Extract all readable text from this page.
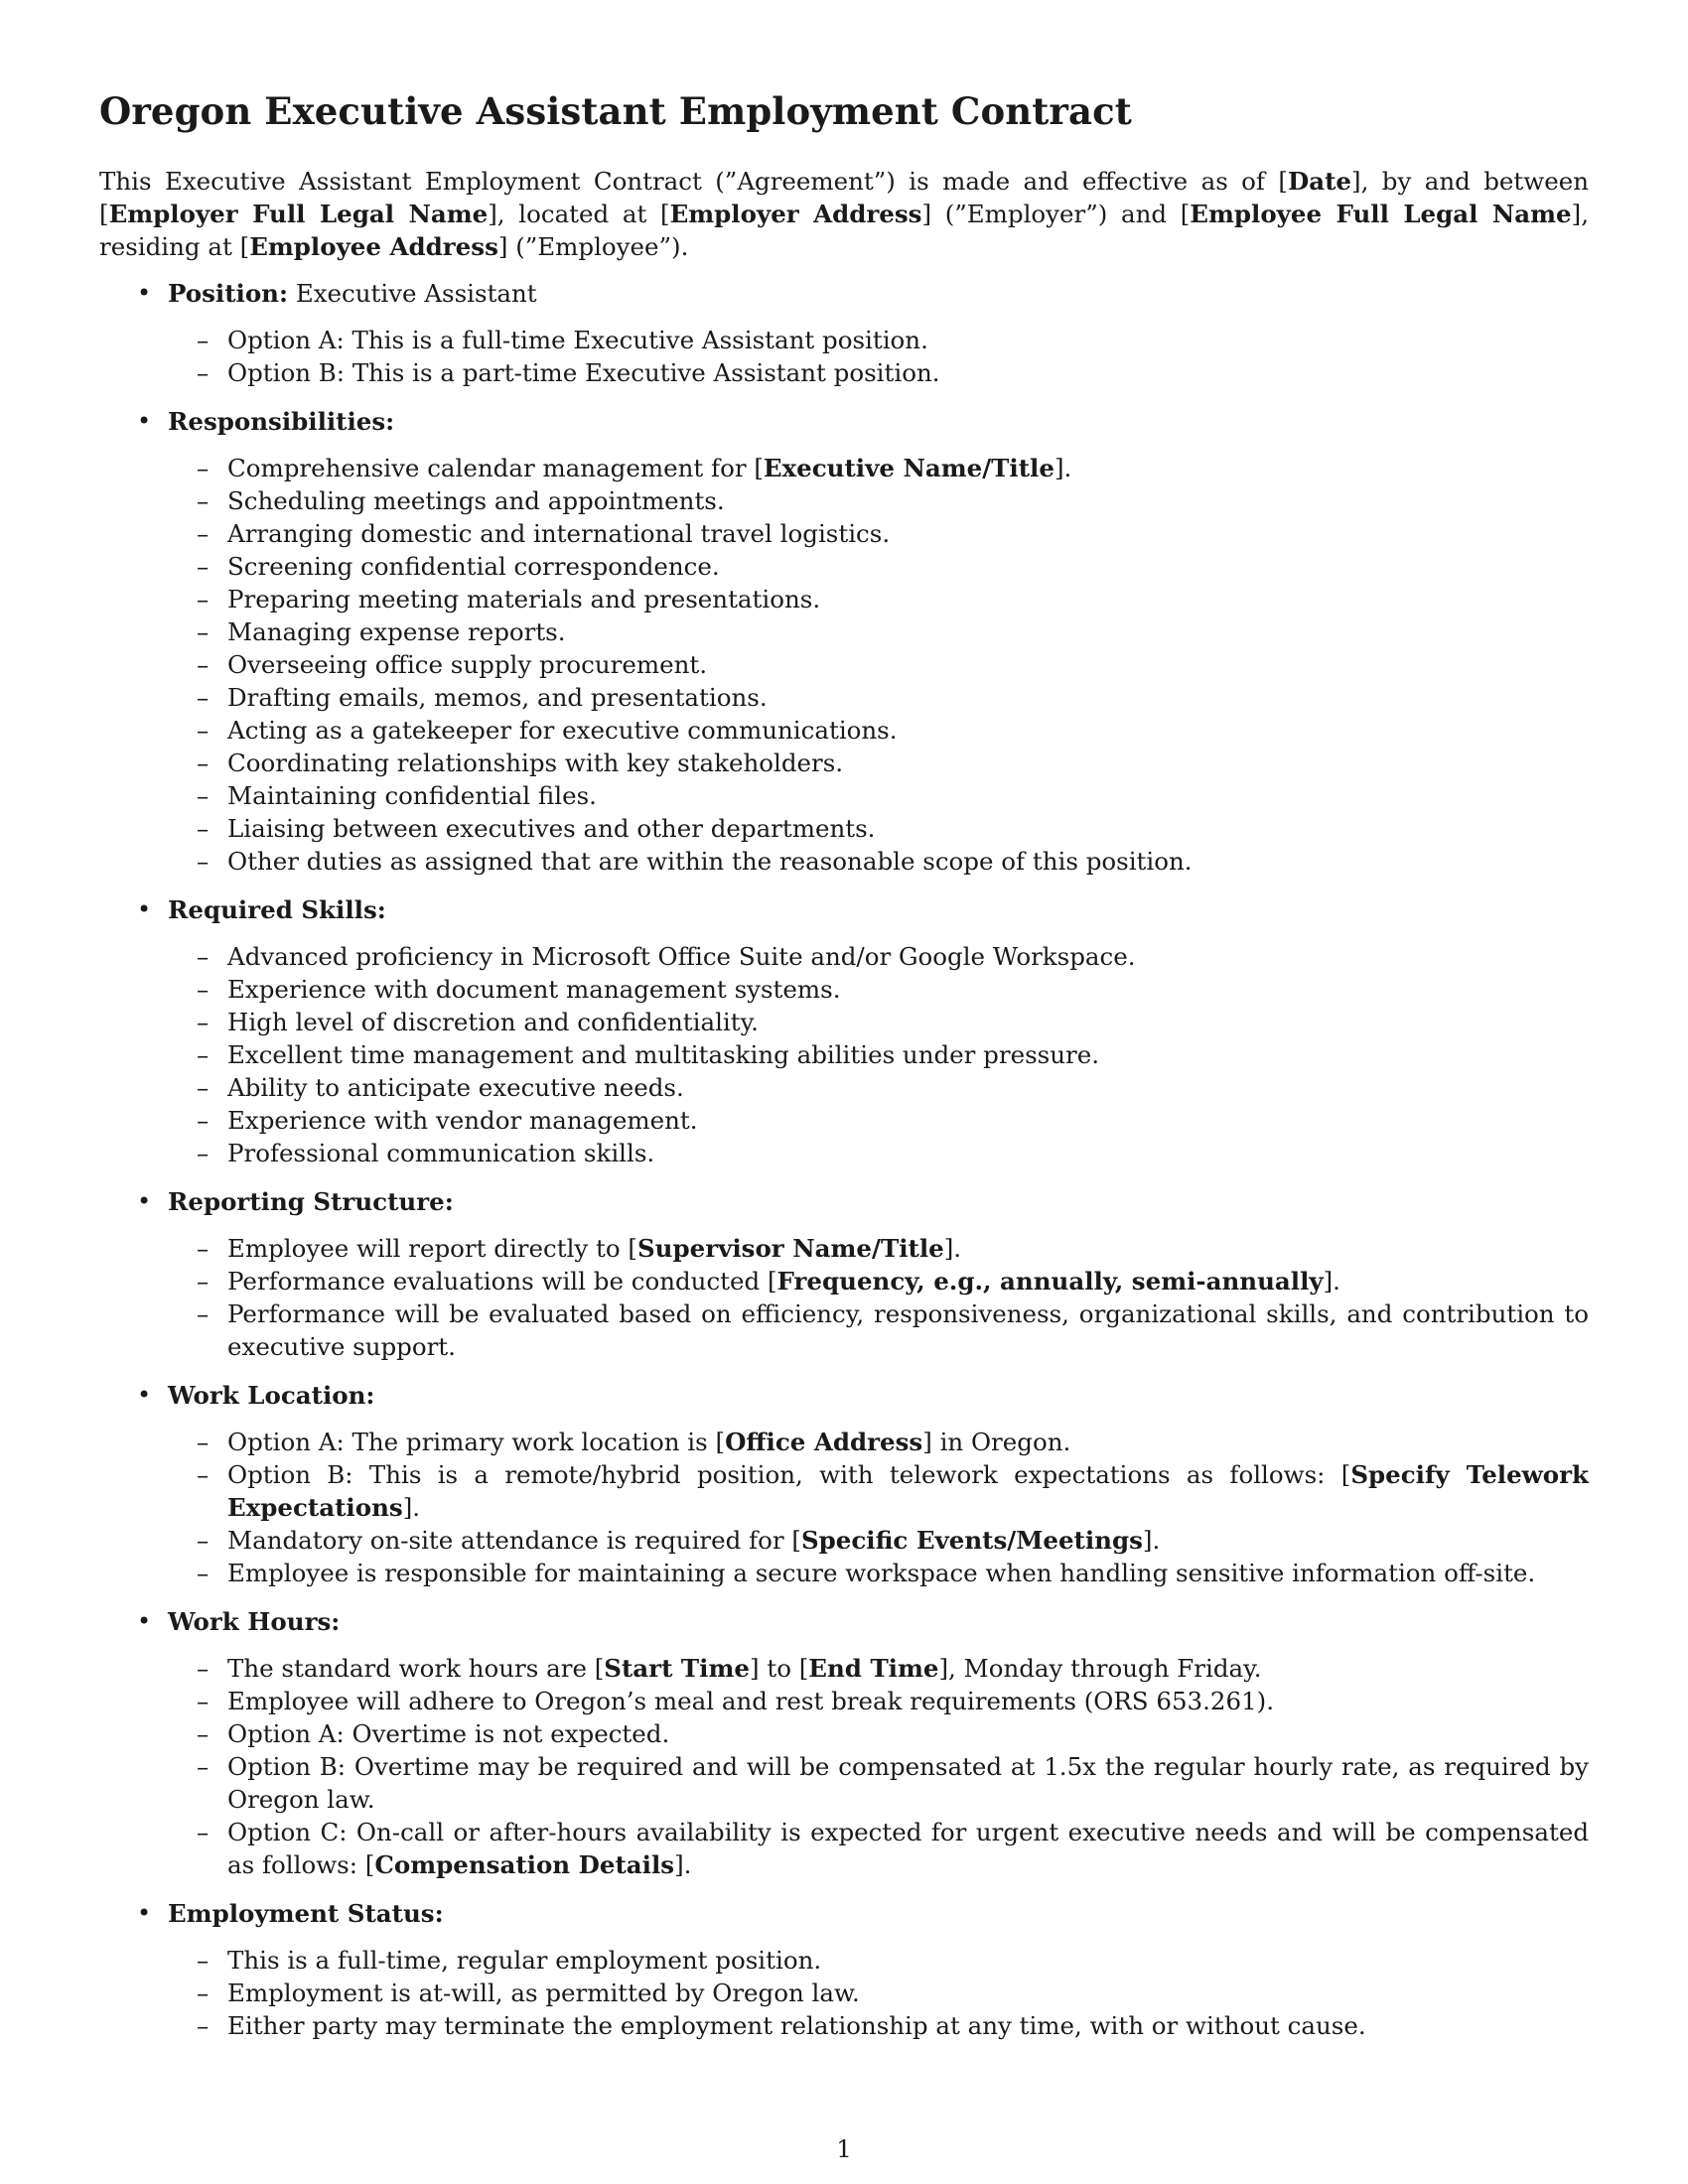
Oregon Executive Assistant Employment Contract

This Executive Assistant Employment Contract (”Agreement”) is made and effective as of [Date], by and between [Employer Full Legal Name], located at [Employer Address] (”Employer”) and [Employee Full Legal Name], residing at [Employee Address] (”Employee”).

• Position: Executive Assistant
– Option A: This is a full-time Executive Assistant position.
– Option B: This is a part-time Executive Assistant position.
• Responsibilities:
– Comprehensive calendar management for [Executive Name/Title].
– Scheduling meetings and appointments.
– Arranging domestic and international travel logistics.
– Screening confidential correspondence.
– Preparing meeting materials and presentations.
– Managing expense reports.
– Overseeing office supply procurement.
– Drafting emails, memos, and presentations.
– Acting as a gatekeeper for executive communications.
– Coordinating relationships with key stakeholders.
– Maintaining confidential files.
– Liaising between executives and other departments.
– Other duties as assigned that are within the reasonable scope of this position.
• Required Skills:
– Advanced proficiency in Microsoft Office Suite and/or Google Workspace.
– Experience with document management systems.
– High level of discretion and confidentiality.
– Excellent time management and multitasking abilities under pressure.
– Ability to anticipate executive needs.
– Experience with vendor management.
– Professional communication skills.
• Reporting Structure:
– Employee will report directly to [Supervisor Name/Title].
– Performance evaluations will be conducted [Frequency, e.g., annually, semi-annually].
– Performance will be evaluated based on efficiency, responsiveness, organizational skills, and contribution to executive support.
• Work Location:
– Option A: The primary work location is [Office Address] in Oregon.
– Option B: This is a remote/hybrid position, with telework expectations as follows: [Specify Telework Expectations].
– Mandatory on-site attendance is required for [Specific Events/Meetings].
– Employee is responsible for maintaining a secure workspace when handling sensitive information off-site.
• Work Hours:
– The standard work hours are [Start Time] to [End Time], Monday through Friday.
– Employee will adhere to Oregon’s meal and rest break requirements (ORS 653.261).
– Option A: Overtime is not expected.
– Option B: Overtime may be required and will be compensated at 1.5x the regular hourly rate, as required by Oregon law.
– Option C: On-call or after-hours availability is expected for urgent executive needs and will be compensated as follows: [Compensation Details].
• Employment Status:
– This is a full-time, regular employment position.
– Employment is at-will, as permitted by Oregon law.
– Either party may terminate the employment relationship at any time, with or without cause.
1
